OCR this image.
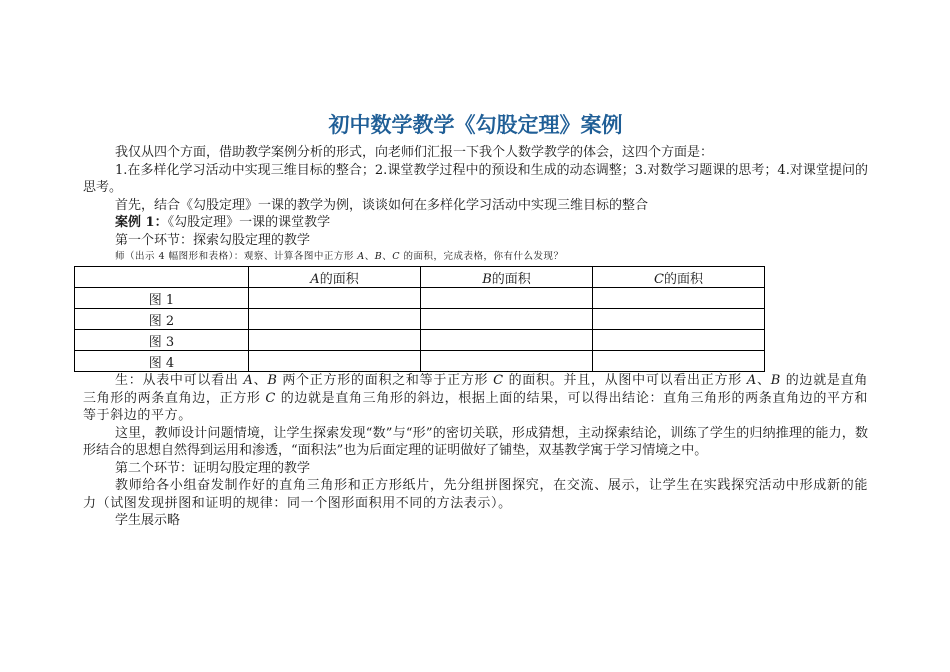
初中数学教学《勾股定理》案例

我仅从四个方面，借助教学案例分析的形式，向老师们汇报一下我个人数学教学的体会，这四个方面是：

1.在多样化学习活动中实现三维目标的整合；2.课堂教学过程中的预设和生成的动态调整；3.对数学习题课的思考；4.对课堂提问的思考。

首先，结合《勾股定理》一课的教学为例，谈谈如何在多样化学习活动中实现三维目标的整合

案例 1：《勾股定理》一课的课堂教学

第一个环节：探索勾股定理的教学

师（出示 4 幅图形和表格）：观察、计算各图中正方形 A、B、C 的面积，完成表格，你有什么发现？

	A的面积	B的面积	C的面积
图 1			
图 2			
图 3			
图 4			

生：从表中可以看出 A、B 两个正方形的面积之和等于正方形 C 的面积。并且，从图中可以看出正方形 A、B 的边就是直角三角形的两条直角边，正方形 C 的边就是直角三角形的斜边，根据上面的结果，可以得出结论：直角三角形的两条直角边的平方和等于斜边的平方。

这里，教师设计问题情境，让学生探索发现“数”与“形”的密切关联，形成猜想，主动探索结论，训练了学生的归纳推理的能力，数形结合的思想自然得到运用和渗透，“面积法”也为后面定理的证明做好了铺垫，双基教学寓于学习情境之中。

第二个环节：证明勾股定理的教学

教师给各小组奋发制作好的直角三角形和正方形纸片，先分组拼图探究，在交流、展示，让学生在实践探究活动中形成新的能力（试图发现拼图和证明的规律：同一个图形面积用不同的方法表示）。

学生展示略
